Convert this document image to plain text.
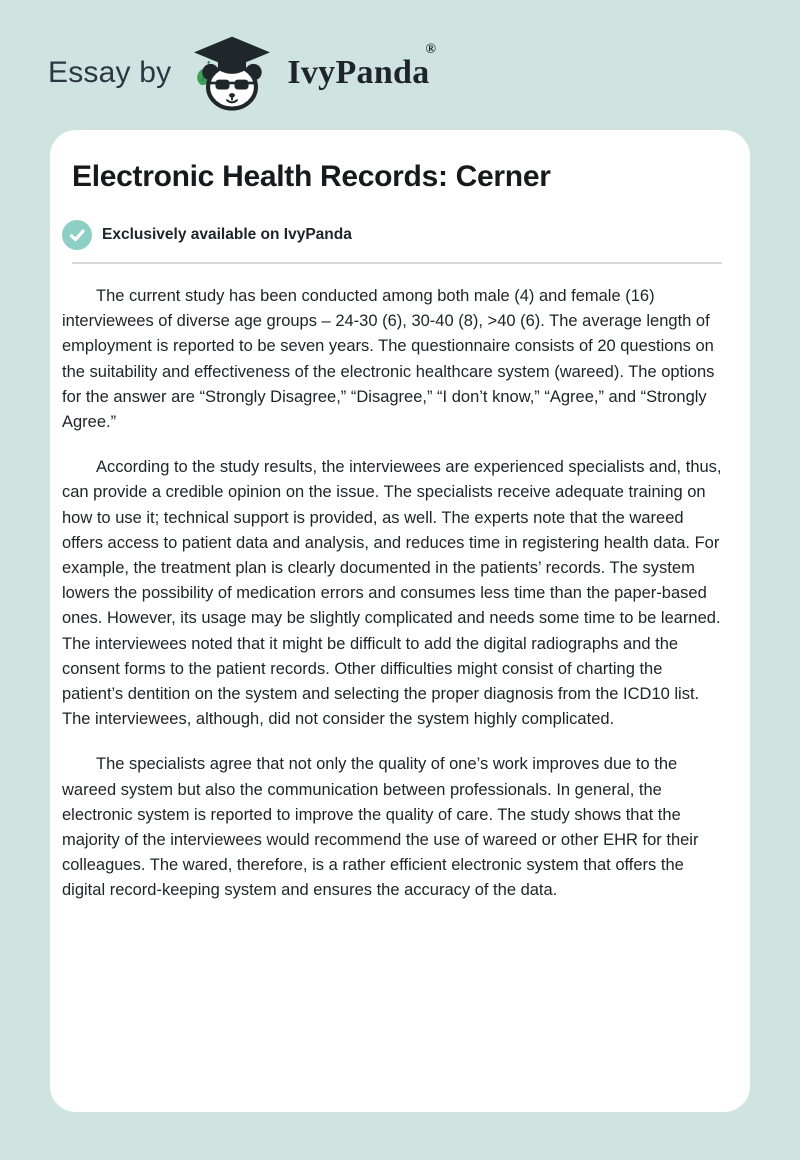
Essay by	IvyPanda®
Electronic Health Records: Cerner
Exclusively available on IvyPanda

The current study has been conducted among both male (4) and female (16) interviewees of diverse age groups – 24-30 (6), 30-40 (8), >40 (6). The average length of employment is reported to be seven years. The questionnaire consists of 20 questions on the suitability and effectiveness of the electronic healthcare system (wareed). The options for the answer are “Strongly Disagree,” “Disagree,” “I don’t know,” “Agree,” and “Strongly Agree.”

According to the study results, the interviewees are experienced specialists and, thus, can provide a credible opinion on the issue. The specialists receive adequate training on how to use it; technical support is provided, as well. The experts note that the wareed offers access to patient data and analysis, and reduces time in registering health data. For example, the treatment plan is clearly documented in the patients’ records. The system lowers the possibility of medication errors and consumes less time than the paper-based ones. However, its usage may be slightly complicated and needs some time to be learned. The interviewees noted that it might be difficult to add the digital radiographs and the consent forms to the patient records. Other difficulties might consist of charting the patient’s dentition on the system and selecting the proper diagnosis from the ICD10 list. The interviewees, although, did not consider the system highly complicated.

The specialists agree that not only the quality of one’s work improves due to the wareed system but also the communication between professionals. In general, the electronic system is reported to improve the quality of care. The study shows that the majority of the interviewees would recommend the use of wareed or other EHR for their colleagues. The wared, therefore, is a rather efficient electronic system that offers the digital record-keeping system and ensures the accuracy of the data.
